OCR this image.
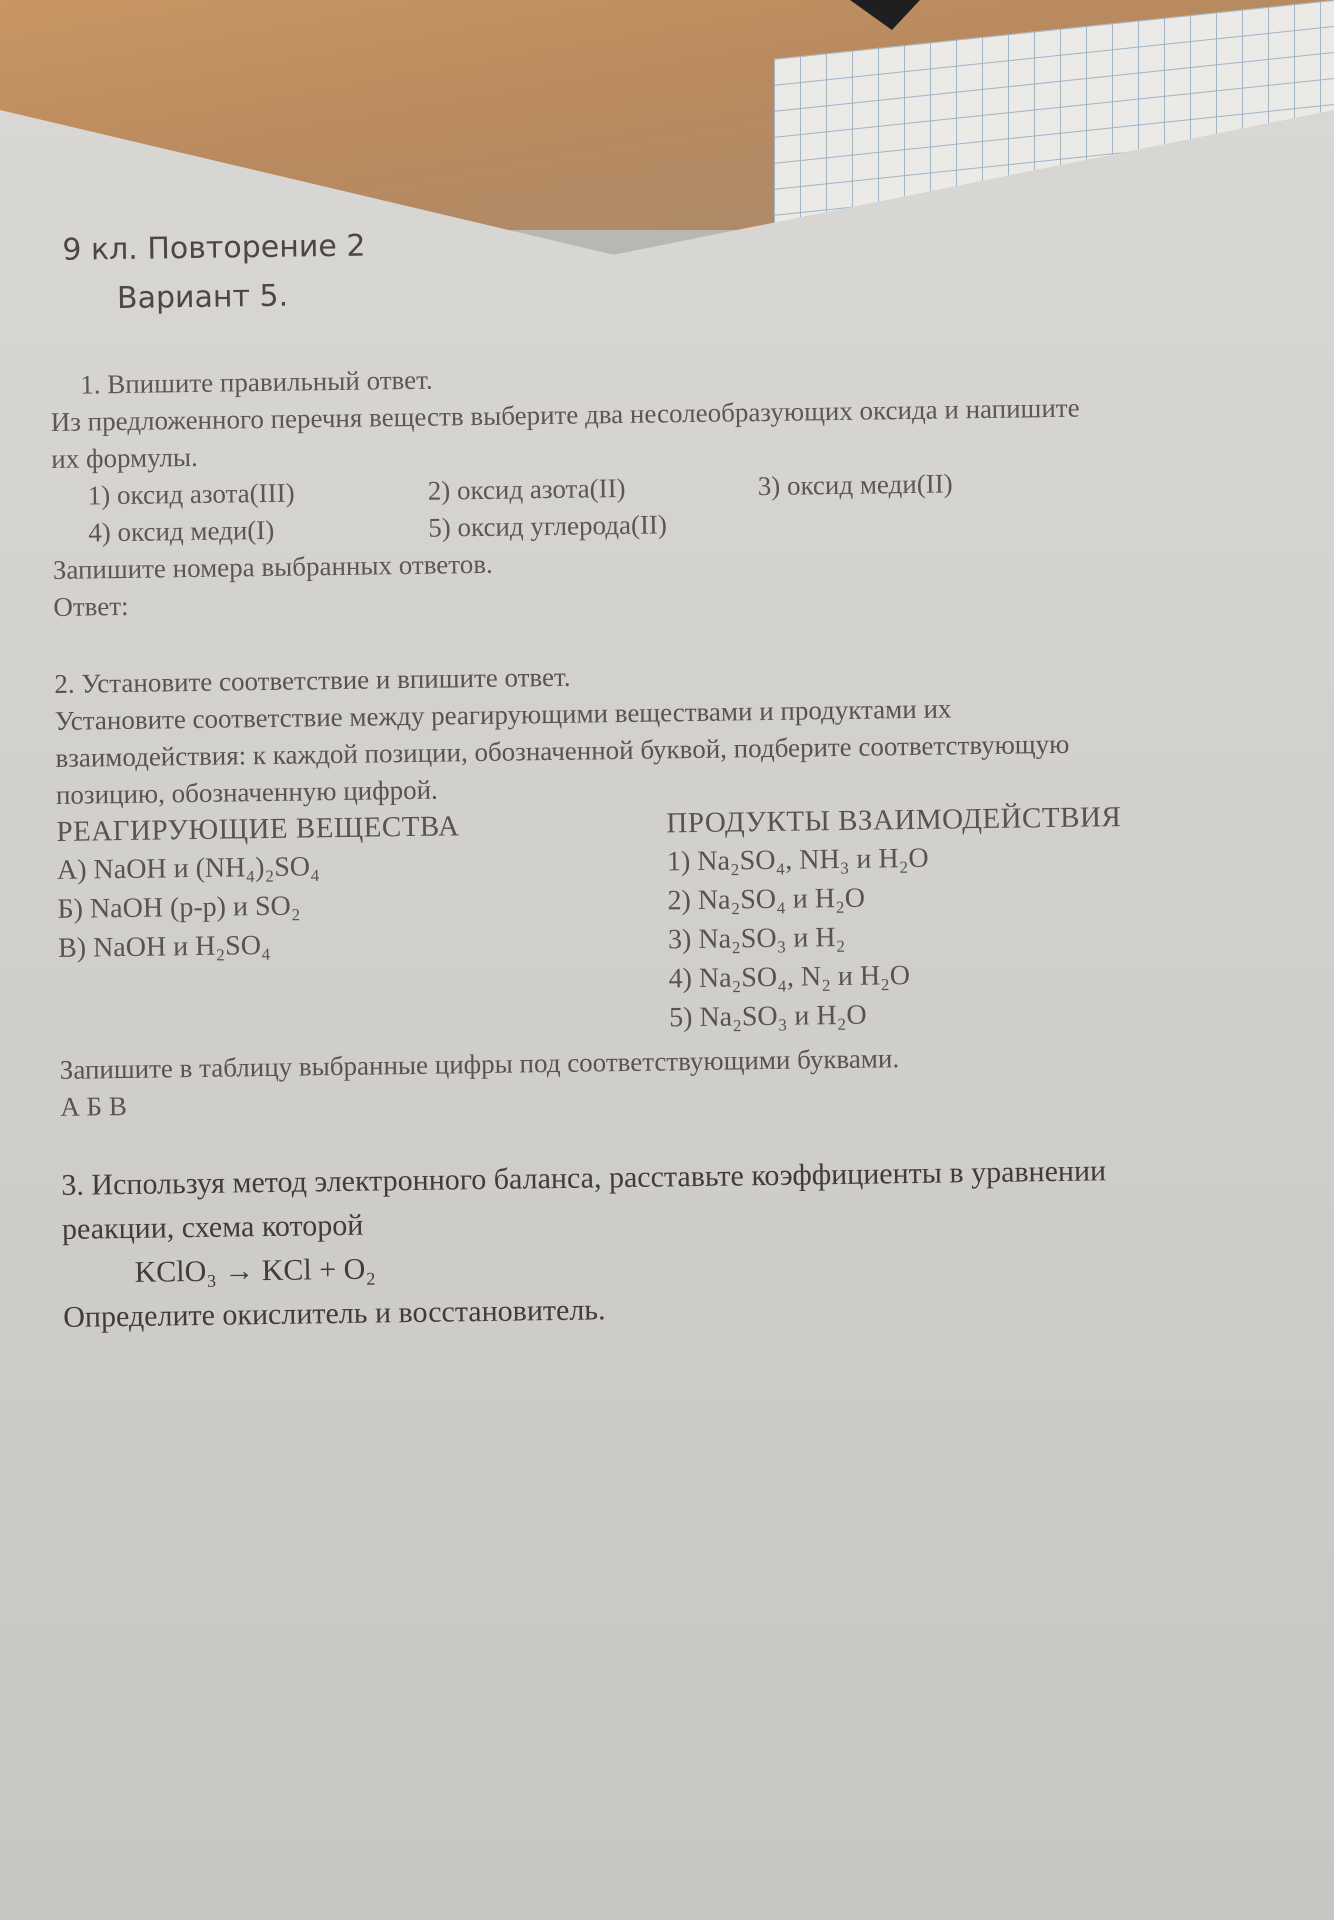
9 кл. Повторение 2
Вариант 5.
1. Впишите правильный ответ.
Из предложенного перечня веществ выберите два несолеобразующих оксида и напишите
их формулы.
1) оксид азота(III)	2) оксид азота(II)	3) оксид меди(II)
4) оксид меди(I)	5) оксид углерода(II)
Запишите номера выбранных ответов.
Ответ:
2. Установите соответствие и впишите ответ.
Установите соответствие между реагирующими веществами и продуктами их
взаимодействия: к каждой позиции, обозначенной буквой, подберите соответствующую
позицию, обозначенную цифрой.
РЕАГИРУЮЩИЕ ВЕЩЕСТВА
А) NaOH и (NH₄)₂SO₄
Б) NaOH (р-р) и SO₂
В) NaOH и H₂SO₄
ПРОДУКТЫ ВЗАИМОДЕЙСТВИЯ
1) Na₂SO₄, NH₃ и H₂O
2) Na₂SO₄ и H₂O
3) Na₂SO₃ и H₂
4) Na₂SO₄, N₂ и H₂O
5) Na₂SO₃ и H₂O
Запишите в таблицу выбранные цифры под соответствующими буквами.
А Б В
3. Используя метод электронного баланса, расставьте коэффициенты в уравнении
реакции, схема которой
KClO₃ → KCl + O₂
Определите окислитель и восстановитель.
